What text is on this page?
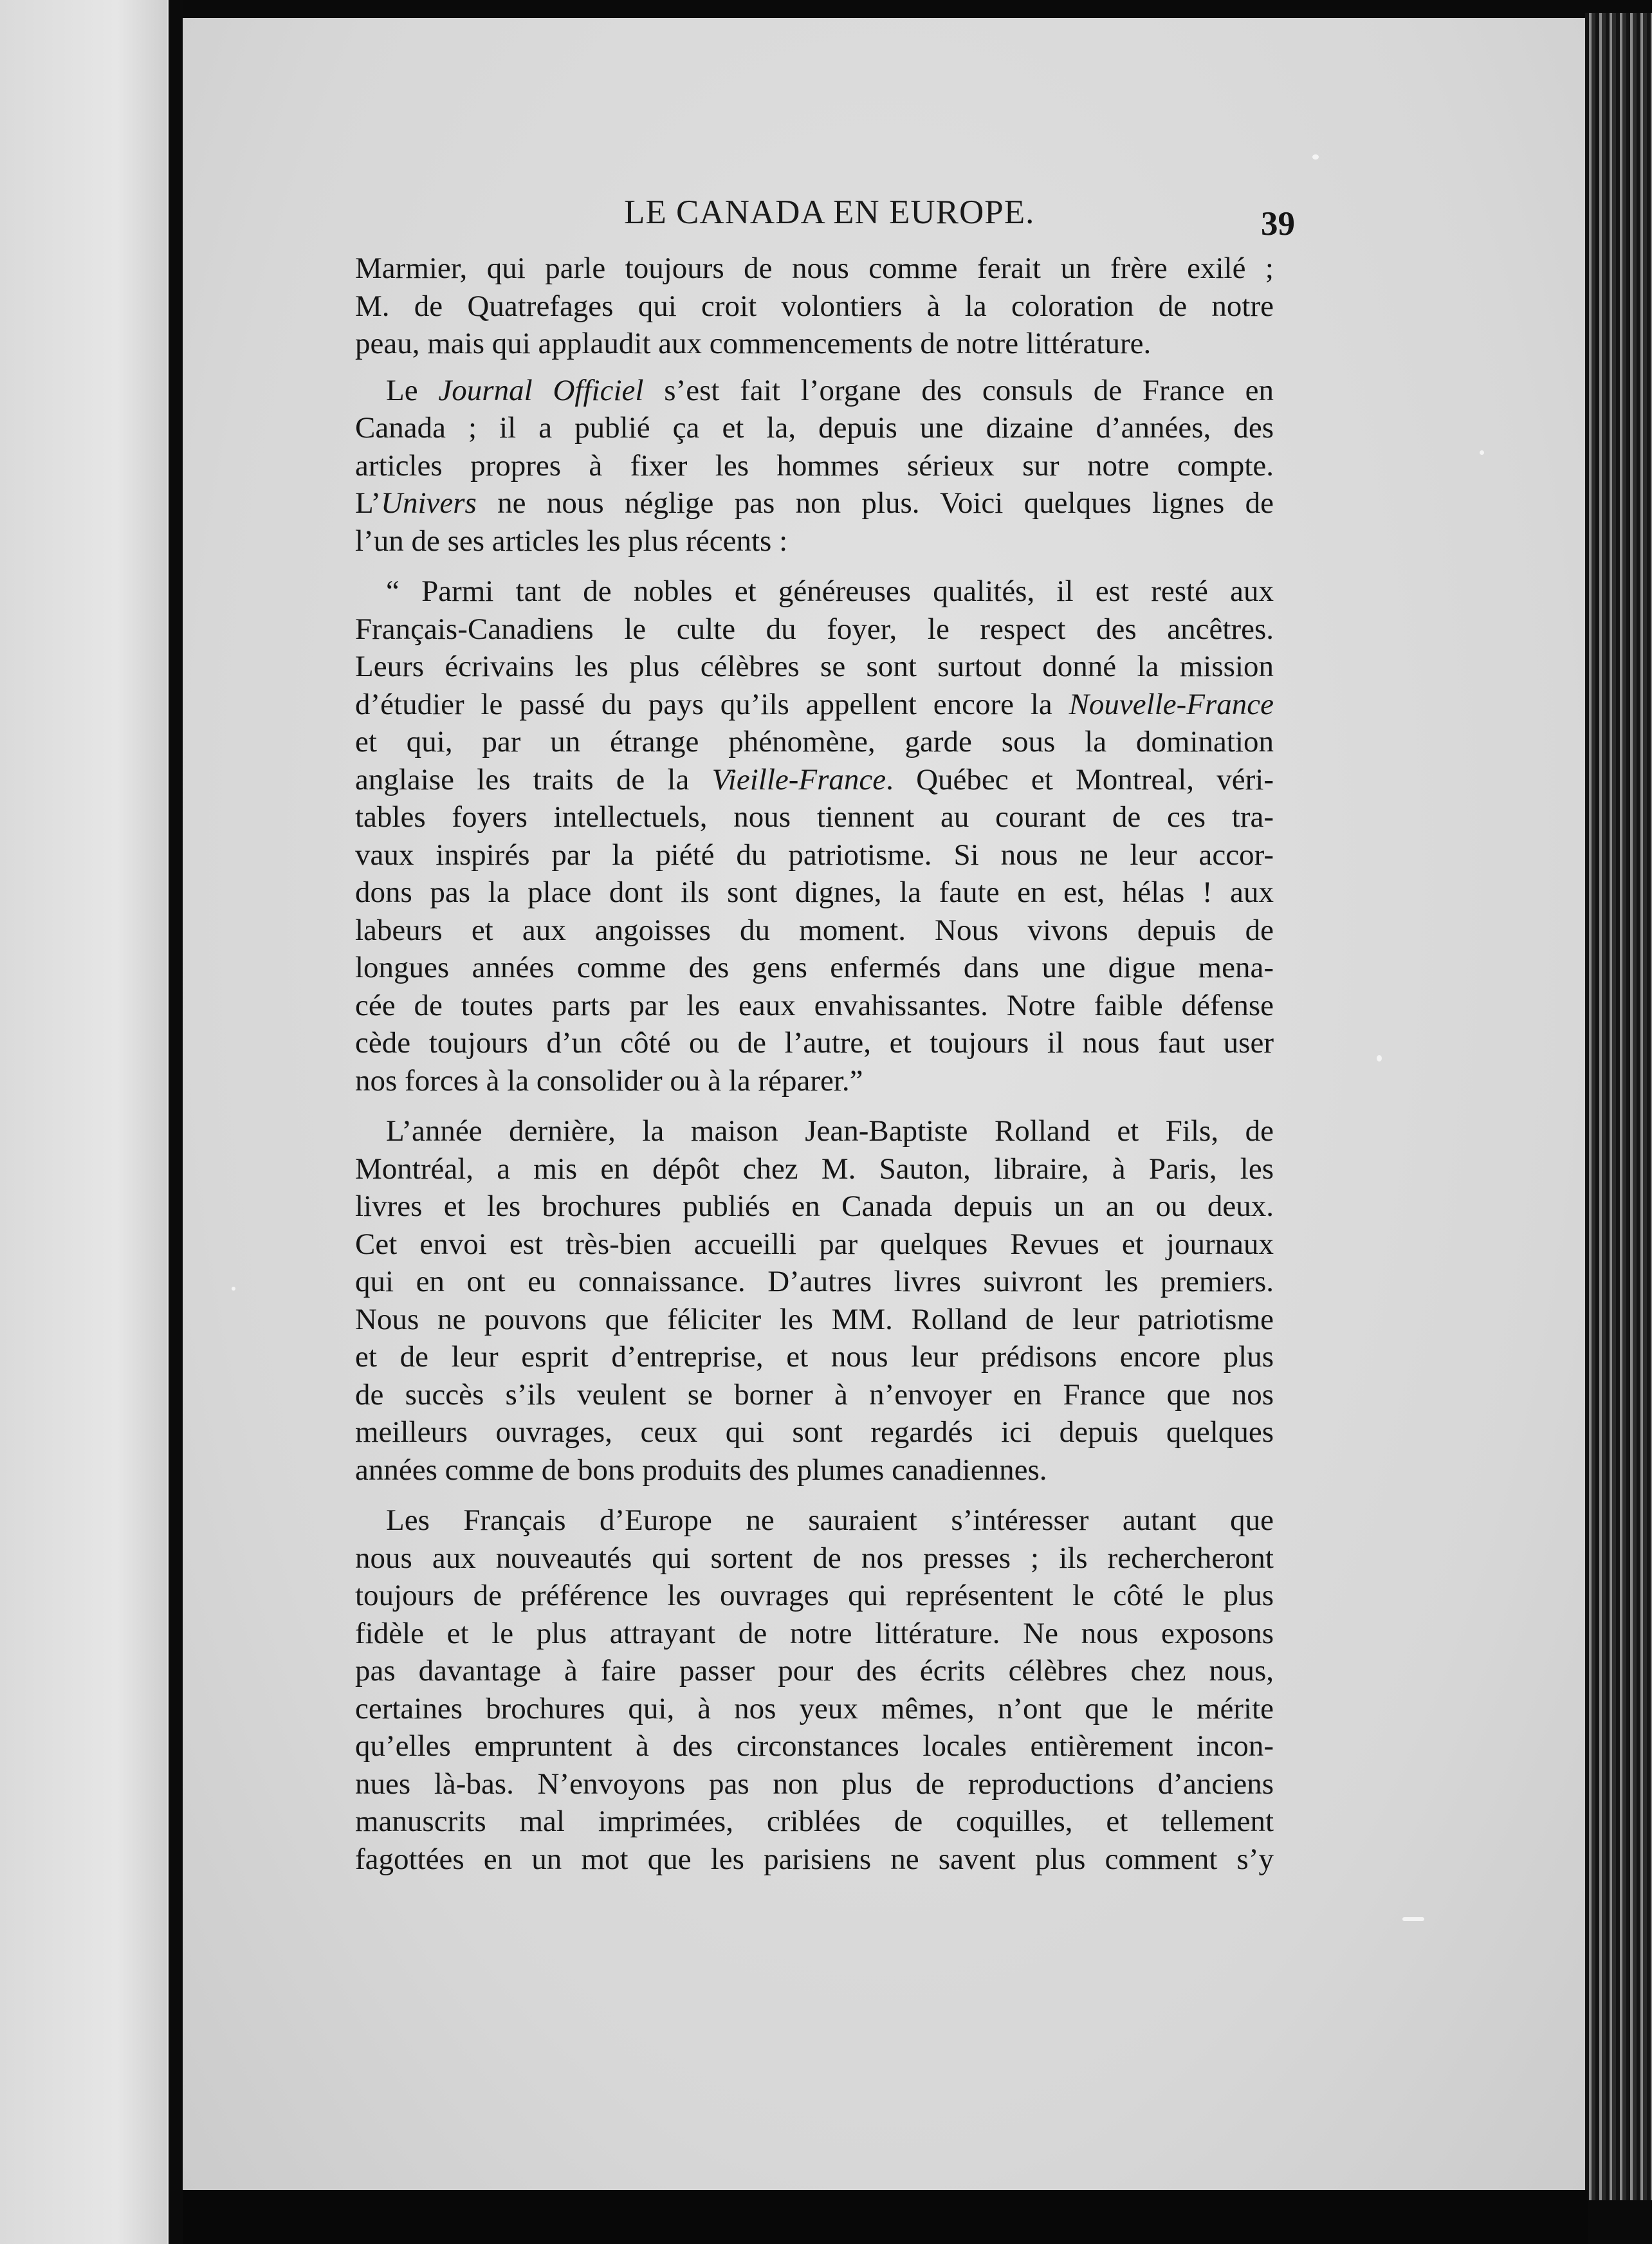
LE CANADA EN EUROPE.	39
Marmier, qui parle toujours de nous comme ferait un frère exilé ;
M. de Quatrefages qui croit volontiers à la coloration de notre
peau, mais qui applaudit aux commencements de notre littérature.
Le Journal Officiel s’est fait l’organe des consuls de France en
Canada ; il a publié ça et la, depuis une dizaine d’années, des
articles propres à fixer les hommes sérieux sur notre compte.
L’Univers ne nous néglige pas non plus. Voici quelques lignes de
l’un de ses articles les plus récents :
“ Parmi tant de nobles et généreuses qualités, il est resté aux
Français-Canadiens le culte du foyer, le respect des ancêtres.
Leurs écrivains les plus célèbres se sont surtout donné la mission
d’étudier le passé du pays qu’ils appellent encore la Nouvelle-France
et qui, par un étrange phénomène, garde sous la domination
anglaise les traits de la Vieille-France. Québec et Montreal, véri-
tables foyers intellectuels, nous tiennent au courant de ces tra-
vaux inspirés par la piété du patriotisme. Si nous ne leur accor-
dons pas la place dont ils sont dignes, la faute en est, hélas ! aux
labeurs et aux angoisses du moment. Nous vivons depuis de
longues années comme des gens enfermés dans une digue mena-
cée de toutes parts par les eaux envahissantes. Notre faible défense
cède toujours d’un côté ou de l’autre, et toujours il nous faut user
nos forces à la consolider ou à la réparer.”
L’année dernière, la maison Jean-Baptiste Rolland et Fils, de
Montréal, a mis en dépôt chez M. Sauton, libraire, à Paris, les
livres et les brochures publiés en Canada depuis un an ou deux.
Cet envoi est très-bien accueilli par quelques Revues et journaux
qui en ont eu connaissance. D’autres livres suivront les premiers.
Nous ne pouvons que féliciter les MM. Rolland de leur patriotisme
et de leur esprit d’entreprise, et nous leur prédisons encore plus
de succès s’ils veulent se borner à n’envoyer en France que nos
meilleurs ouvrages, ceux qui sont regardés ici depuis quelques
années comme de bons produits des plumes canadiennes.
Les Français d’Europe ne sauraient s’intéresser autant que
nous aux nouveautés qui sortent de nos presses ; ils rechercheront
toujours de préférence les ouvrages qui représentent le côté le plus
fidèle et le plus attrayant de notre littérature. Ne nous exposons
pas davantage à faire passer pour des écrits célèbres chez nous,
certaines brochures qui, à nos yeux mêmes, n’ont que le mérite
qu’elles empruntent à des circonstances locales entièrement incon-
nues là-bas. N’envoyons pas non plus de reproductions d’anciens
manuscrits mal imprimées, criblées de coquilles, et tellement
fagottées en un mot que les parisiens ne savent plus comment s’y
